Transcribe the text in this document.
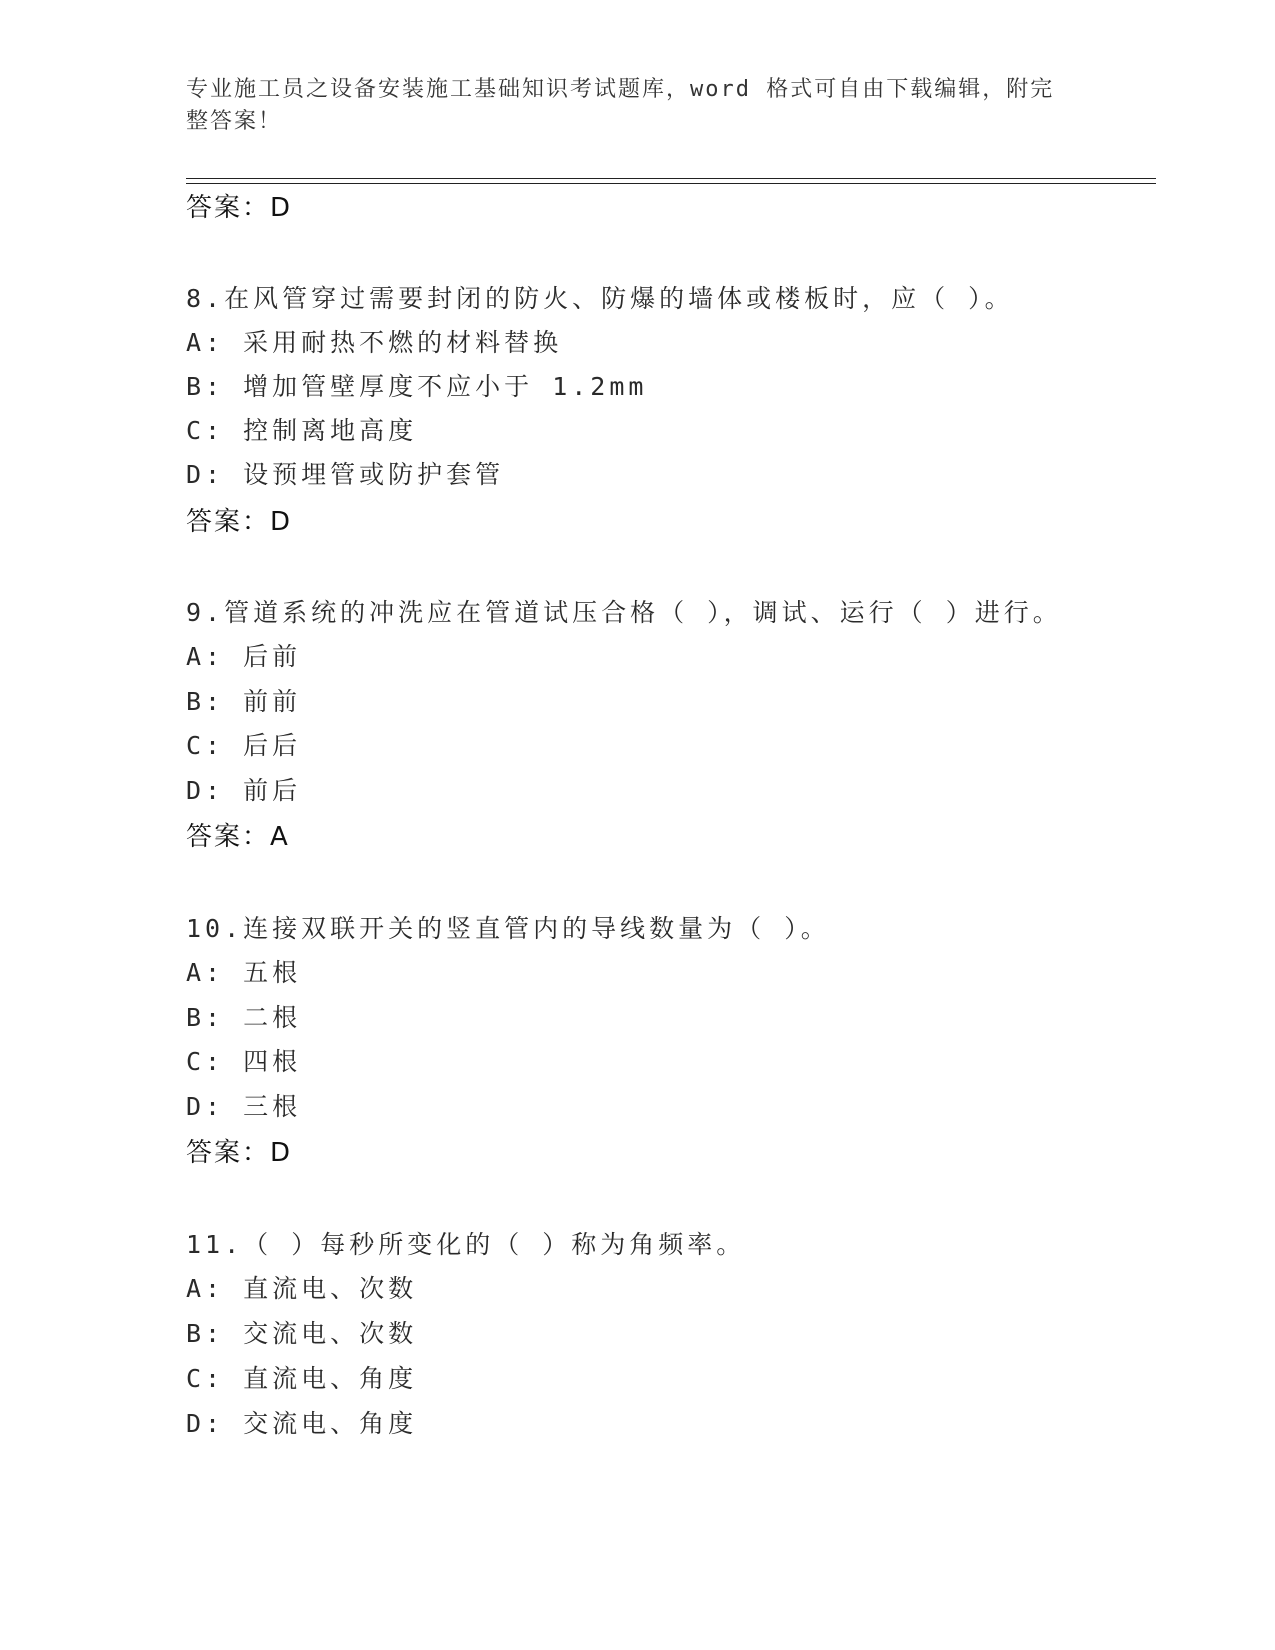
专业施工员之设备安装施工基础知识考试题库，word 格式可自由下载编辑，附完整答案！
答案：D
8.在风管穿过需要封闭的防火、防爆的墙体或楼板时，应（ ）。
A: 采用耐热不燃的材料替换
B: 增加管壁厚度不应小于 1.2mm
C: 控制离地高度
D: 设预埋管或防护套管
答案：D
9.管道系统的冲洗应在管道试压合格（ ），调试、运行（ ）进行。
A: 后前
B: 前前
C: 后后
D: 前后
答案：A
10.连接双联开关的竖直管内的导线数量为（ ）。
A: 五根
B: 二根
C: 四根
D: 三根
答案：D
11.（ ）每秒所变化的（ ）称为角频率。
A: 直流电、次数
B: 交流电、次数
C: 直流电、角度
D: 交流电、角度
